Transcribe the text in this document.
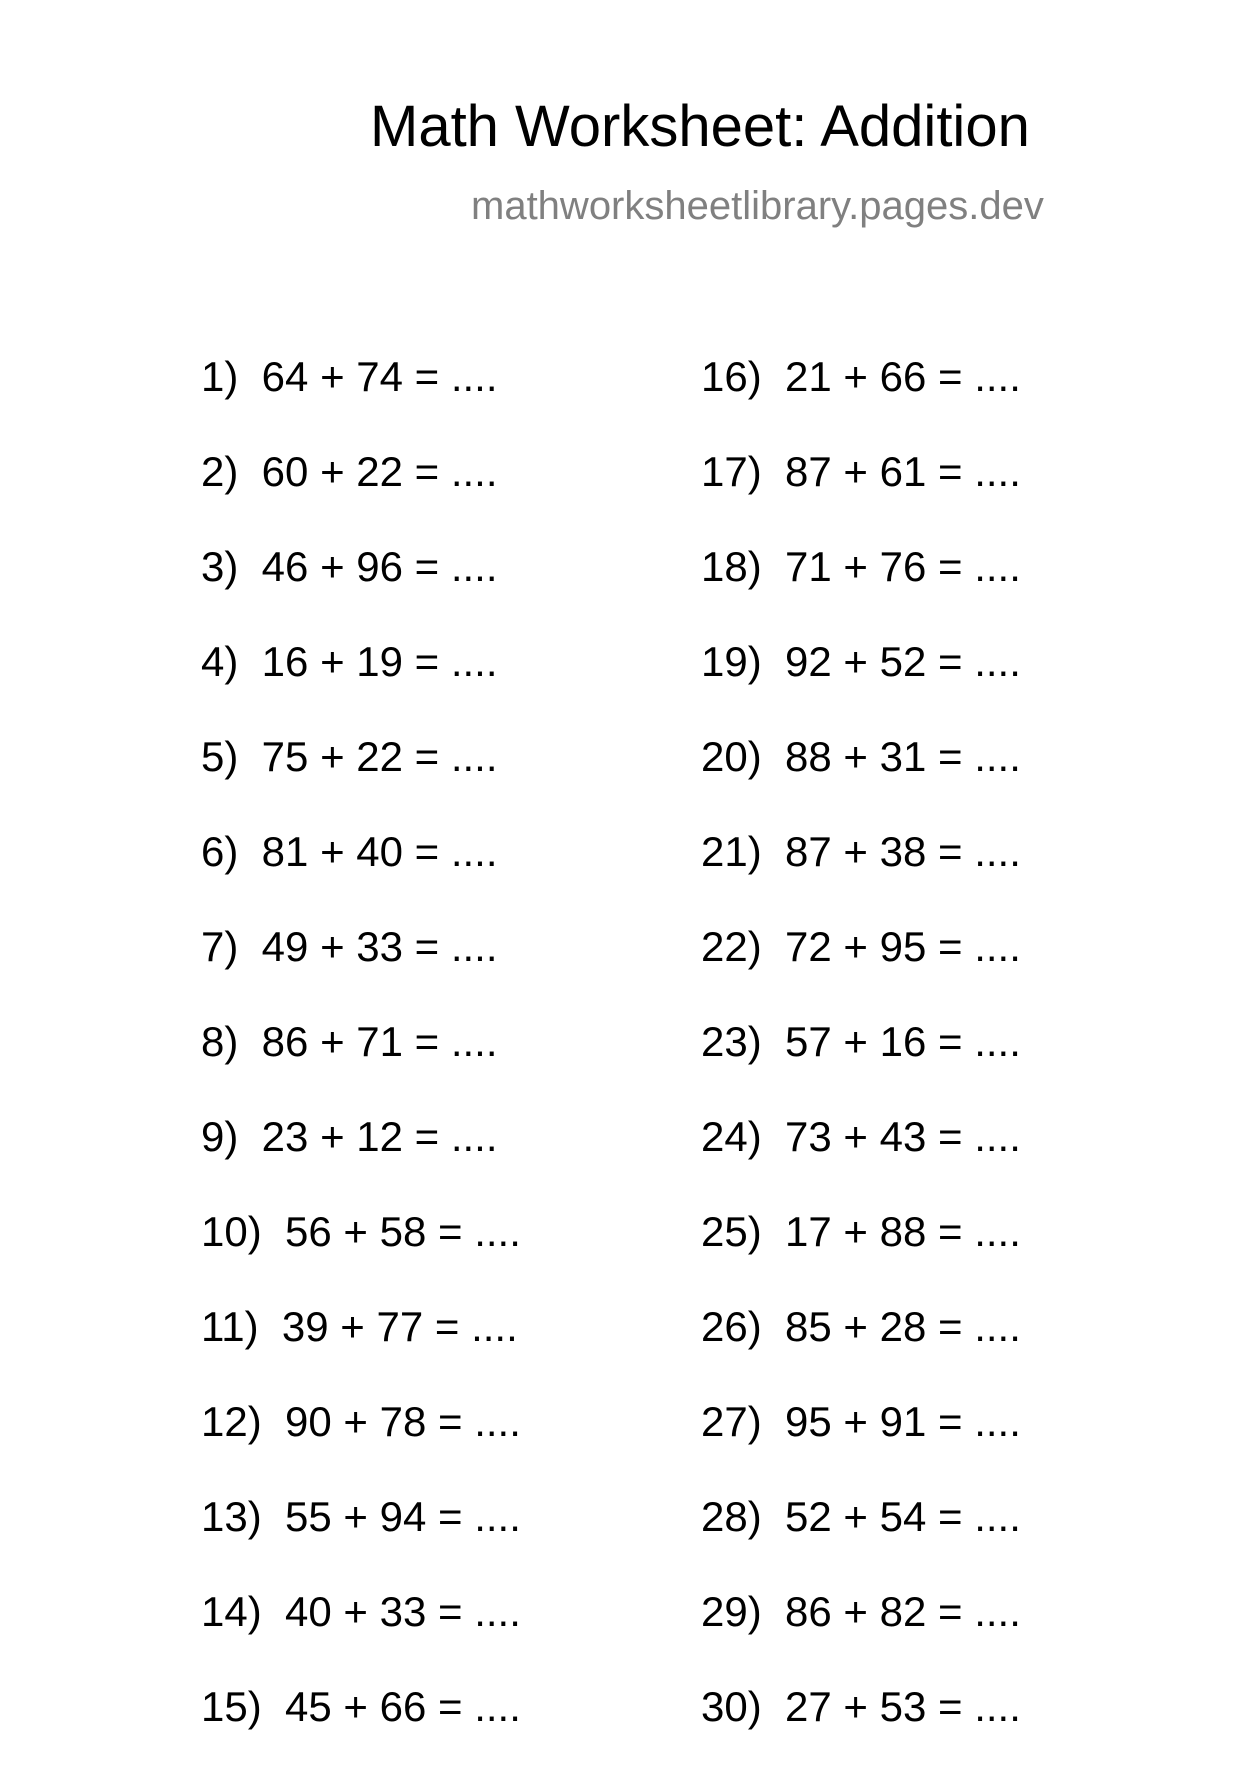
Math Worksheet: Addition
mathworksheetlibrary.pages.dev
1)  64 + 74 = ....
2)  60 + 22 = ....
3)  46 + 96 = ....
4)  16 + 19 = ....
5)  75 + 22 = ....
6)  81 + 40 = ....
7)  49 + 33 = ....
8)  86 + 71 = ....
9)  23 + 12 = ....
10)  56 + 58 = ....
11)  39 + 77 = ....
12)  90 + 78 = ....
13)  55 + 94 = ....
14)  40 + 33 = ....
15)  45 + 66 = ....
16)  21 + 66 = ....
17)  87 + 61 = ....
18)  71 + 76 = ....
19)  92 + 52 = ....
20)  88 + 31 = ....
21)  87 + 38 = ....
22)  72 + 95 = ....
23)  57 + 16 = ....
24)  73 + 43 = ....
25)  17 + 88 = ....
26)  85 + 28 = ....
27)  95 + 91 = ....
28)  52 + 54 = ....
29)  86 + 82 = ....
30)  27 + 53 = ....
